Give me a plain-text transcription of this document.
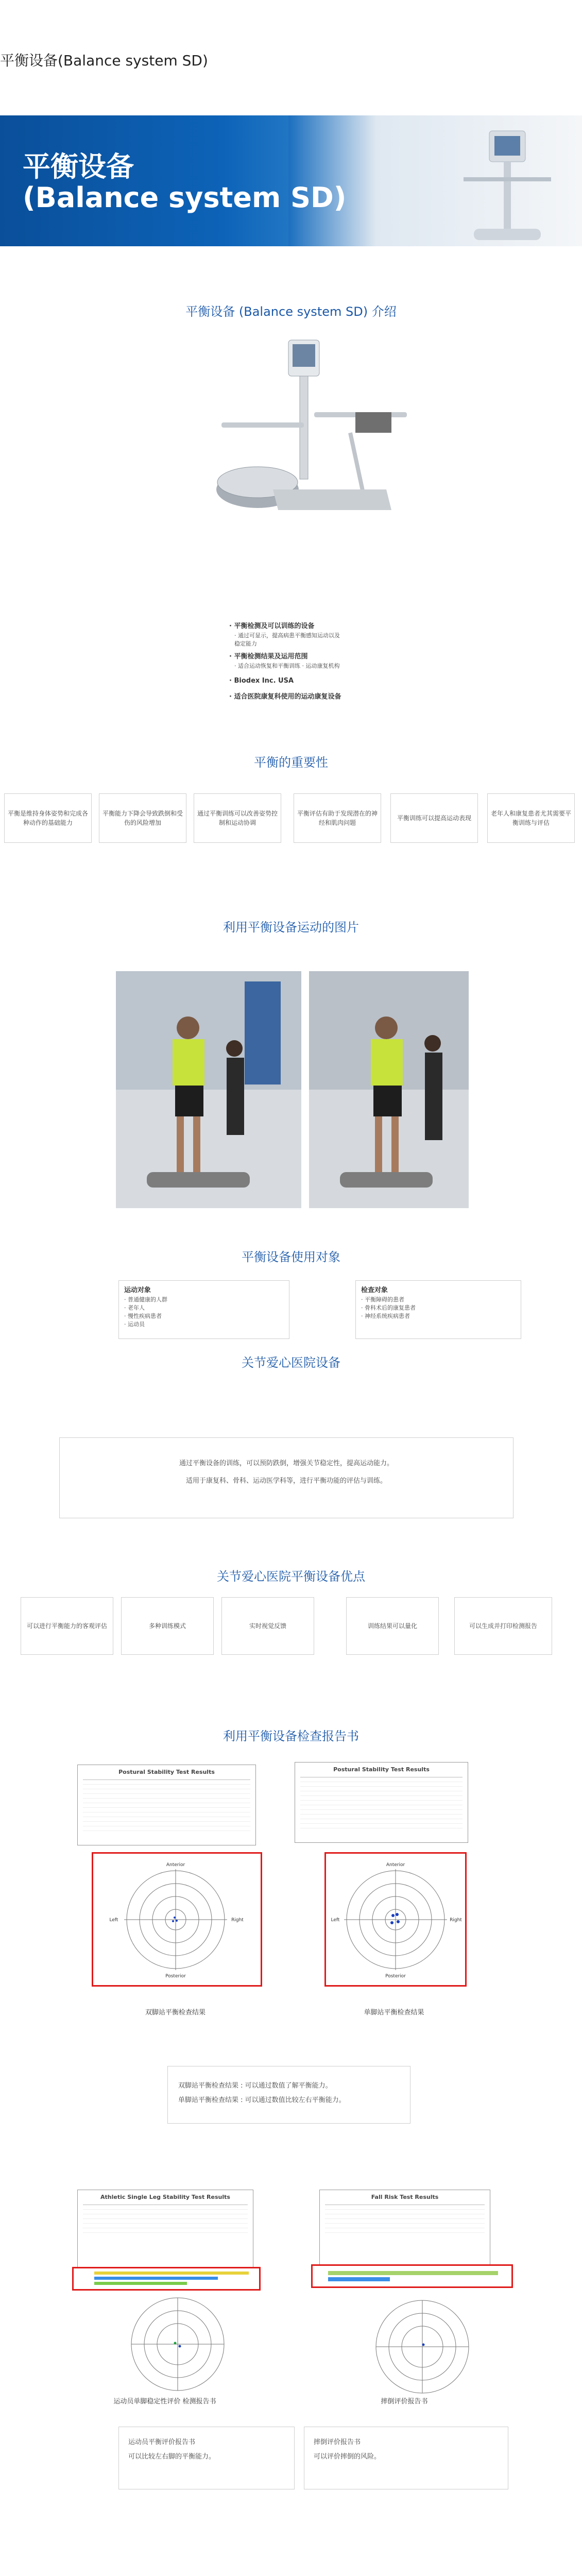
平衡设备(Balance system SD)
平衡设备
(Balance system SD)
平衡设备 (Balance system SD) 介绍
· 平衡检测及可以训练的设备
· 通过可显示，提高病患平衡感知运动以及
稳定能力
· 平衡检测结果及运用范围
· 适合运动恢复和平衡训练 · 运动康复机构
· Biodex Inc. USA
· 适合医院康复科使用的运动康复设备
平衡的重要性
平衡是维持身体姿势和完成各种动作的基础能力
平衡能力下降会导致跌倒和受伤的风险增加
通过平衡训练可以改善姿势控制和运动协调
平衡评估有助于发现潜在的神经和肌肉问题
平衡训练可以提高运动表现
老年人和康复患者尤其需要平衡训练与评估
利用平衡设备运动的图片
平衡设备使用对象
运动对象
· 普通健康的人群
· 老年人
· 慢性疾病患者
· 运动员
检查对象
· 平衡障碍的患者
· 骨科术后的康复患者
· 神经系统疾病患者
关节爱心医院设备
通过平衡设备的训练，可以预防跌倒，增强关节稳定性，提高运动能力。
适用于康复科、骨科、运动医学科等，进行平衡功能的评估与训练。
关节爱心医院平衡设备优点
可以进行平衡能力的客观评估	多种训练模式	实时视觉反馈	训练结果可以量化	可以生成并打印检测报告
利用平衡设备检查报告书
Postural Stability Test Results	Postural Stability Test Results
Anterior
Posterior
Left	Right
Anterior
Posterior
Left	Right
双脚站平衡检查结果	单脚站平衡检查结果
双脚站平衡检查结果 : 可以通过数值了解平衡能力。
单脚站平衡检查结果 : 可以通过数值比较左右平衡能力。
Athletic Single Leg Stability Test Results	Fall Risk Test Results
运动员单脚稳定性评价 检测报告书	摔倒评价报告书
运动员平衡评价报告书
可以比较左右脚的平衡能力。
摔倒评价报告书
可以评价摔倒的风险。
